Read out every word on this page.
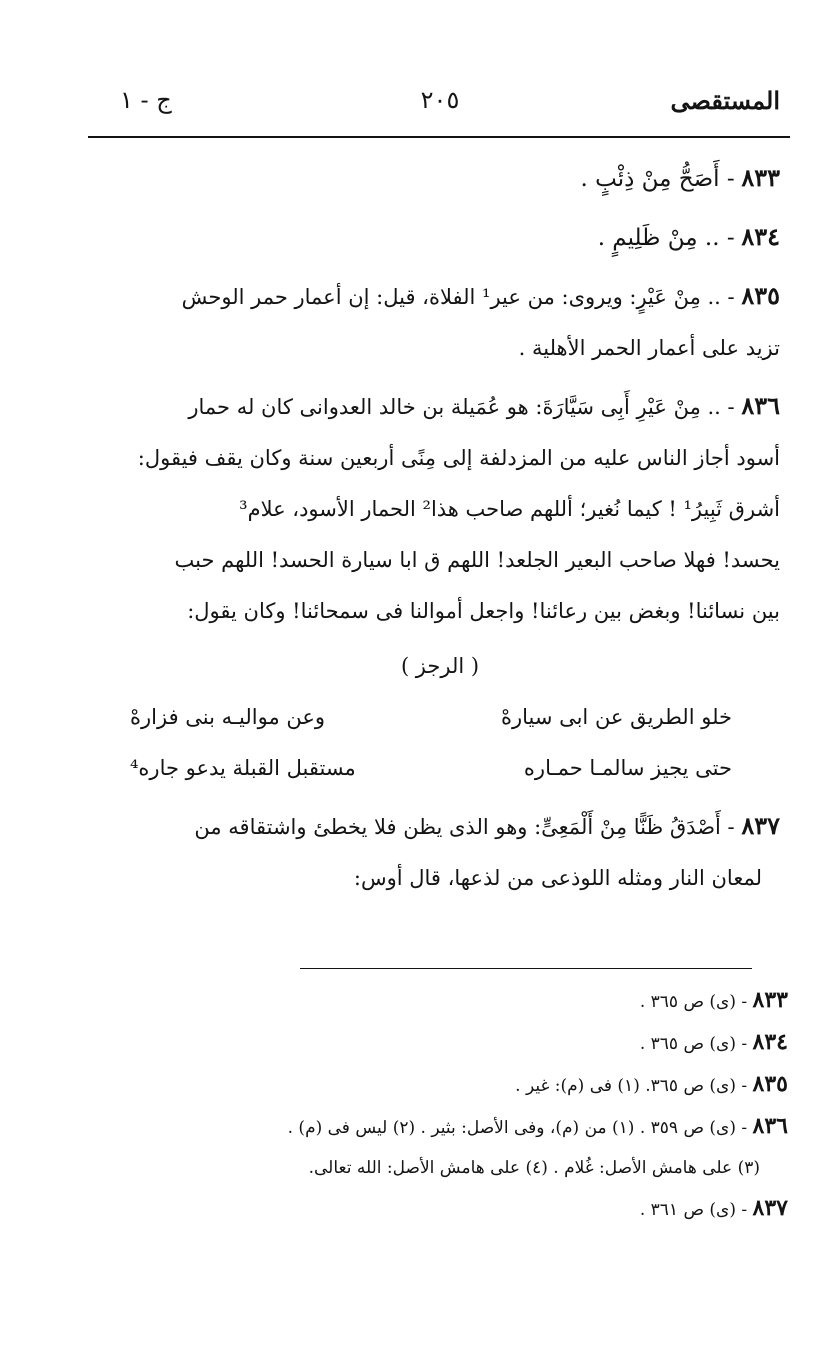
المستقصى
٢٠٥
ج - ١
٨٣٣ - أَصَحُّ مِنْ ذِئْبٍ .
٨٣٤ - .. مِنْ ظَلِيمٍ .
٨٣٥ - .. مِنْ عَيْرٍ: ويروى: من عير¹ الفلاة، قيل: إن أعمار حمر الوحش
تزيد على أعمار الحمر الأهلية .
٨٣٦ - .. مِنْ عَيْرِ أَبِى سَيَّارَةَ: هو عُمَيلة بن خالد العدوانى كان له حمار
أسود أجاز الناس عليه من المزدلفة إلى مِنًى أربعين سنة وكان يقف فيقول:
أشرق ثَبِيرُ¹ ! كيما نُغير؛ أللهم صاحب هذا² الحمار الأسود، علام³
يحسد! فهلا صاحب البعير الجلعد! اللهم ق ابا سيارة الحسد! اللهم حبب
بين نسائنا! وبغض بين رعائنا! واجعل أموالنا فى سمحائنا! وكان يقول:
( الرجز )
خلو الطريق عن ابى سيارهْ
وعن مواليـه بنى فزارهْ
حتى يجيز سالمـا حمـاره
مستقبل القبلة يدعو جاره⁴
٨٣٧ - أَصْدَقُ ظَنًّا مِنْ أَلْمَعِىٍّ: وهو الذى يظن فلا يخطئ واشتقاقه من
لمعان النار ومثله اللوذعى من لذعها، قال أوس:
٨٣٣ - (ى) ص ٣٦٥ .
٨٣٤ - (ى) ص ٣٦٥ .
٨٣٥ - (ى) ص ٣٦٥. (١) فى (م): غير .
٨٣٦ - (ى) ص ٣٥٩ . (١) من (م)، وفى الأصل: بثير . (٢) ليس فى (م) .
(٣) على هامش الأصل: غُلام . (٤) على هامش الأصل: الله تعالى.
٨٣٧ - (ى) ص ٣٦١ .
